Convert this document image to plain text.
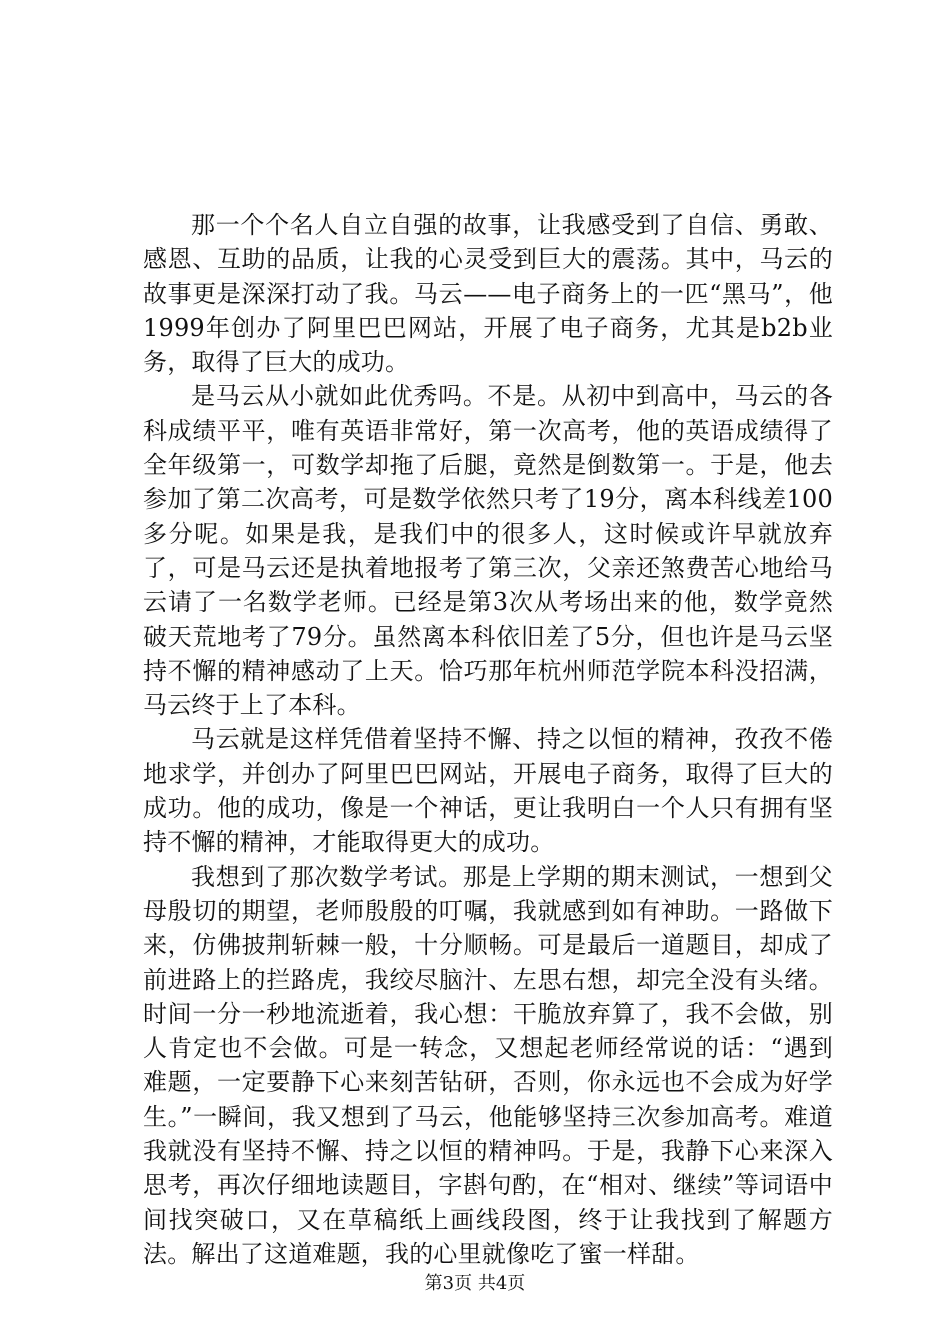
那一个个名人自立自强的故事，让我感受到了自信、勇敢、感恩、互助的品质，让我的心灵受到巨大的震荡。其中，马云的故事更是深深打动了我。马云——电子商务上的一匹“黑马”，他1999年创办了阿里巴巴网站，开展了电子商务，尤其是b2b业务，取得了巨大的成功。

是马云从小就如此优秀吗。不是。从初中到高中，马云的各科成绩平平，唯有英语非常好，第一次高考，他的英语成绩得了全年级第一，可数学却拖了后腿，竟然是倒数第一。于是，他去参加了第二次高考，可是数学依然只考了19分，离本科线差100多分呢。如果是我，是我们中的很多人，这时候或许早就放弃了，可是马云还是执着地报考了第三次，父亲还煞费苦心地给马云请了一名数学老师。已经是第3次从考场出来的他，数学竟然破天荒地考了79分。虽然离本科依旧差了5分，但也许是马云坚持不懈的精神感动了上天。恰巧那年杭州师范学院本科没招满，马云终于上了本科。

马云就是这样凭借着坚持不懈、持之以恒的精神，孜孜不倦地求学，并创办了阿里巴巴网站，开展电子商务，取得了巨大的成功。他的成功，像是一个神话，更让我明白一个人只有拥有坚持不懈的精神，才能取得更大的成功。

我想到了那次数学考试。那是上学期的期末测试，一想到父母殷切的期望，老师殷殷的叮嘱，我就感到如有神助。一路做下来，仿佛披荆斩棘一般，十分顺畅。可是最后一道题目，却成了前进路上的拦路虎，我绞尽脑汁、左思右想，却完全没有头绪。时间一分一秒地流逝着，我心想：干脆放弃算了，我不会做，别人肯定也不会做。可是一转念，又想起老师经常说的话：“遇到难题，一定要静下心来刻苦钻研，否则，你永远也不会成为好学生。”一瞬间，我又想到了马云，他能够坚持三次参加高考。难道我就没有坚持不懈、持之以恒的精神吗。于是，我静下心来深入思考，再次仔细地读题目，字斟句酌，在“相对、继续”等词语中间找突破口，又在草稿纸上画线段图，终于让我找到了解题方法。解出了这道难题，我的心里就像吃了蜜一样甜。

第3页 共4页
